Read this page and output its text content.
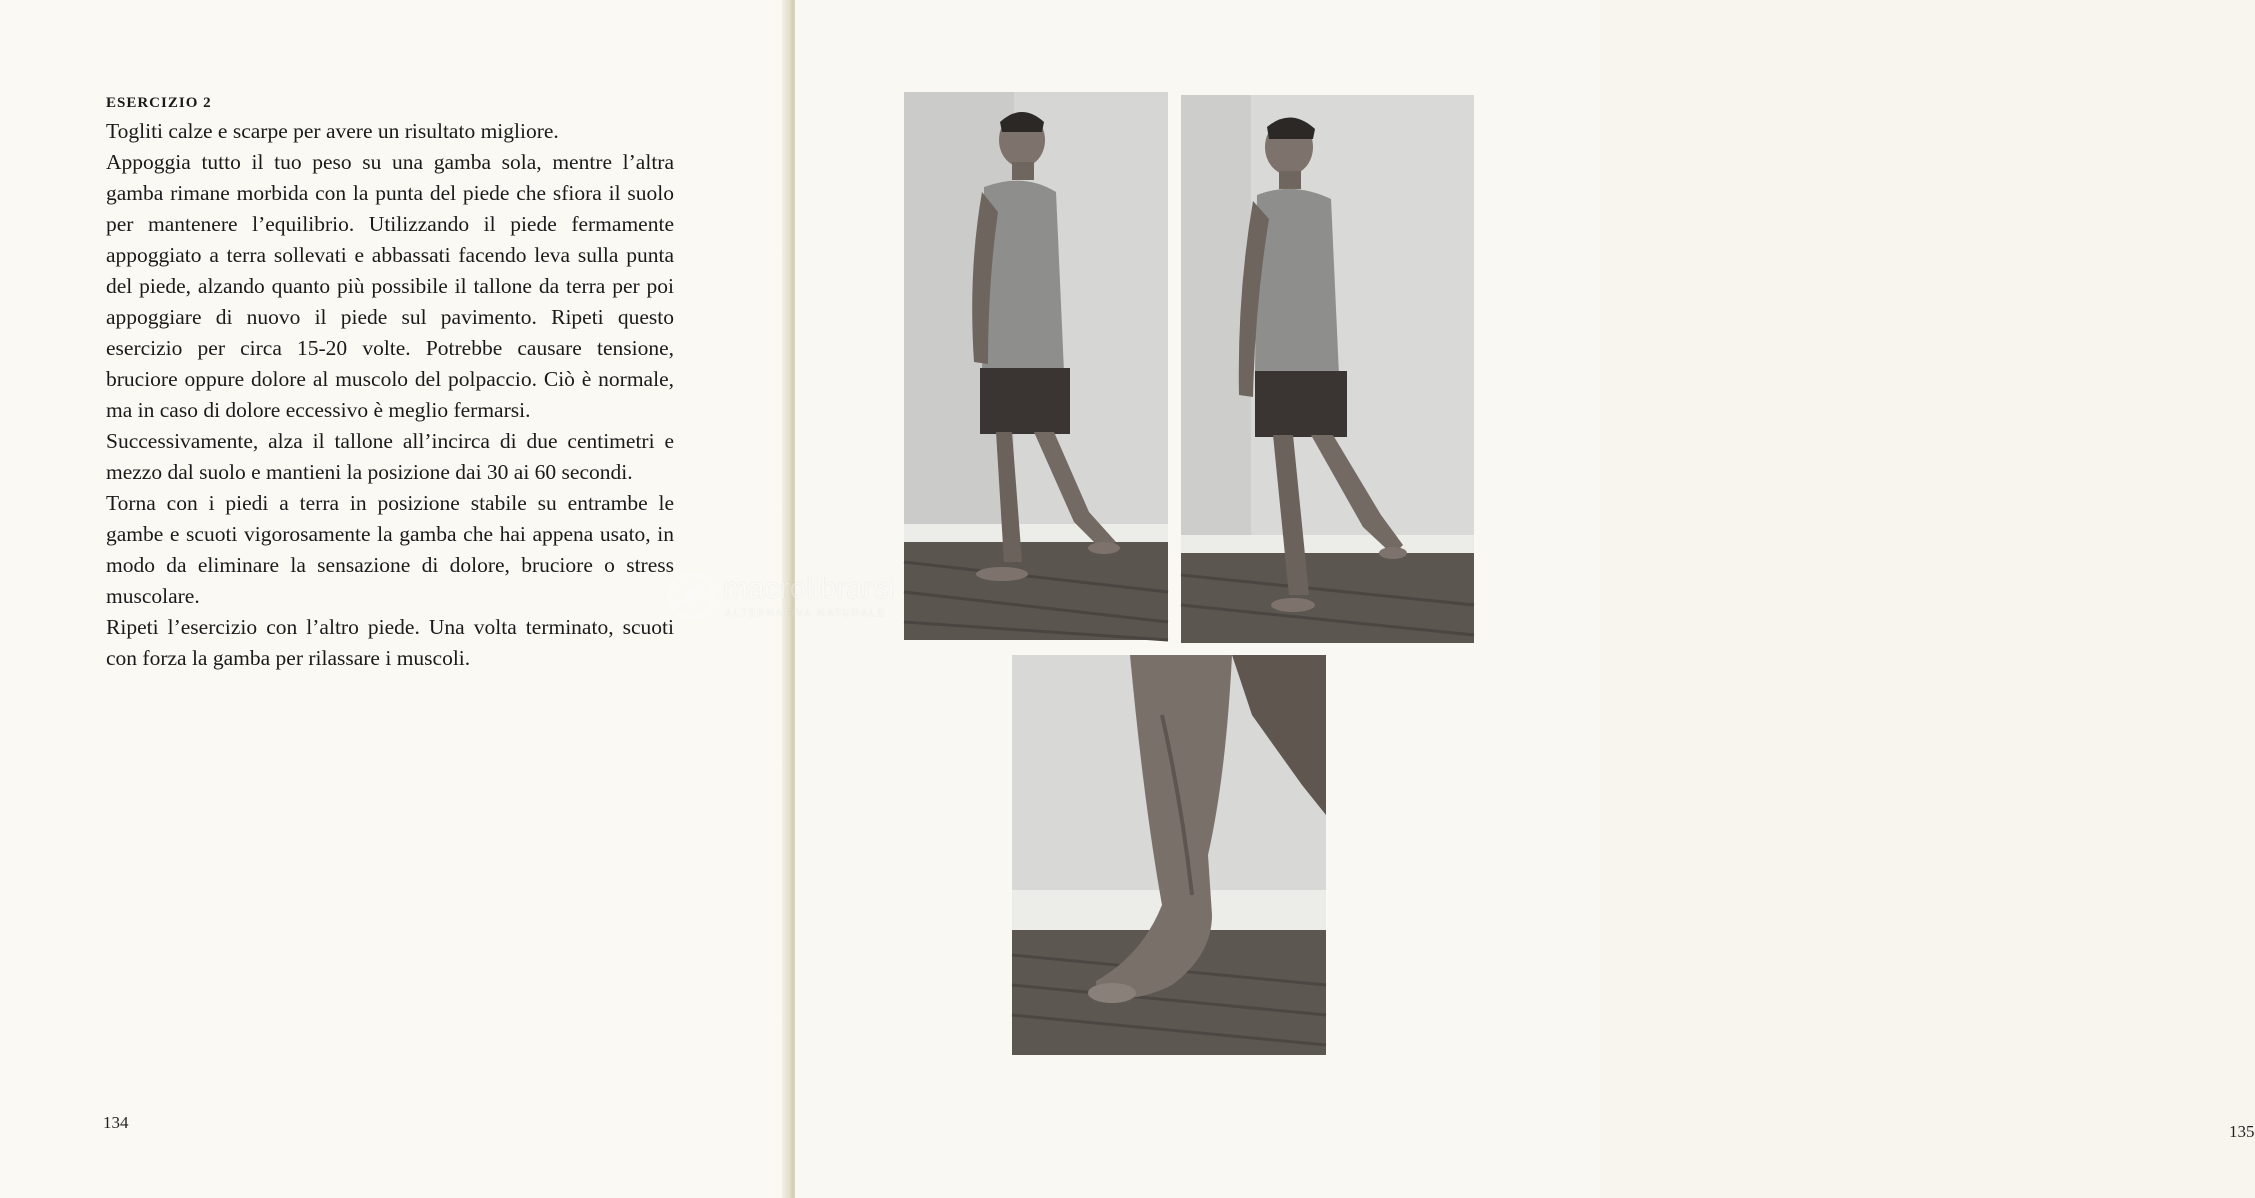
ESERCIZIO 2

Togliti calze e scarpe per avere un risultato migliore.

Appoggia tutto il tuo peso su una gamba sola, mentre l’altra gamba rimane morbida con la punta del piede che sfiora il suolo per mantenere l’equilibrio. Utilizzando il piede fermamente appoggiato a terra sollevati e abbassati facendo leva sulla punta del piede, alzando quanto più possibile il tallone da terra per poi appoggiare di nuovo il piede sul pavimento. Ripeti questo esercizio per circa 15-20 volte. Potrebbe causare tensione, bruciore oppure dolore al muscolo del polpaccio. Ciò è normale, ma in caso di dolore eccessivo è meglio fermarsi.

Successivamente, alza il tallone all’incirca di due centimetri e mezzo dal suolo e mantieni la posizione dai 30 ai 60 secondi.

Torna con i piedi a terra in posizione stabile su entrambe le gambe e scuoti vigorosamente la gamba che hai appena usato, in modo da eliminare la sensazione di dolore, bruciore o stress muscolare.

Ripeti l’esercizio con l’altro piede. Una volta terminato, scuoti con forza la gamba per rilassare i muscoli.

134	135
macrolibrarsi
ALTERNATIVA NATURALE
